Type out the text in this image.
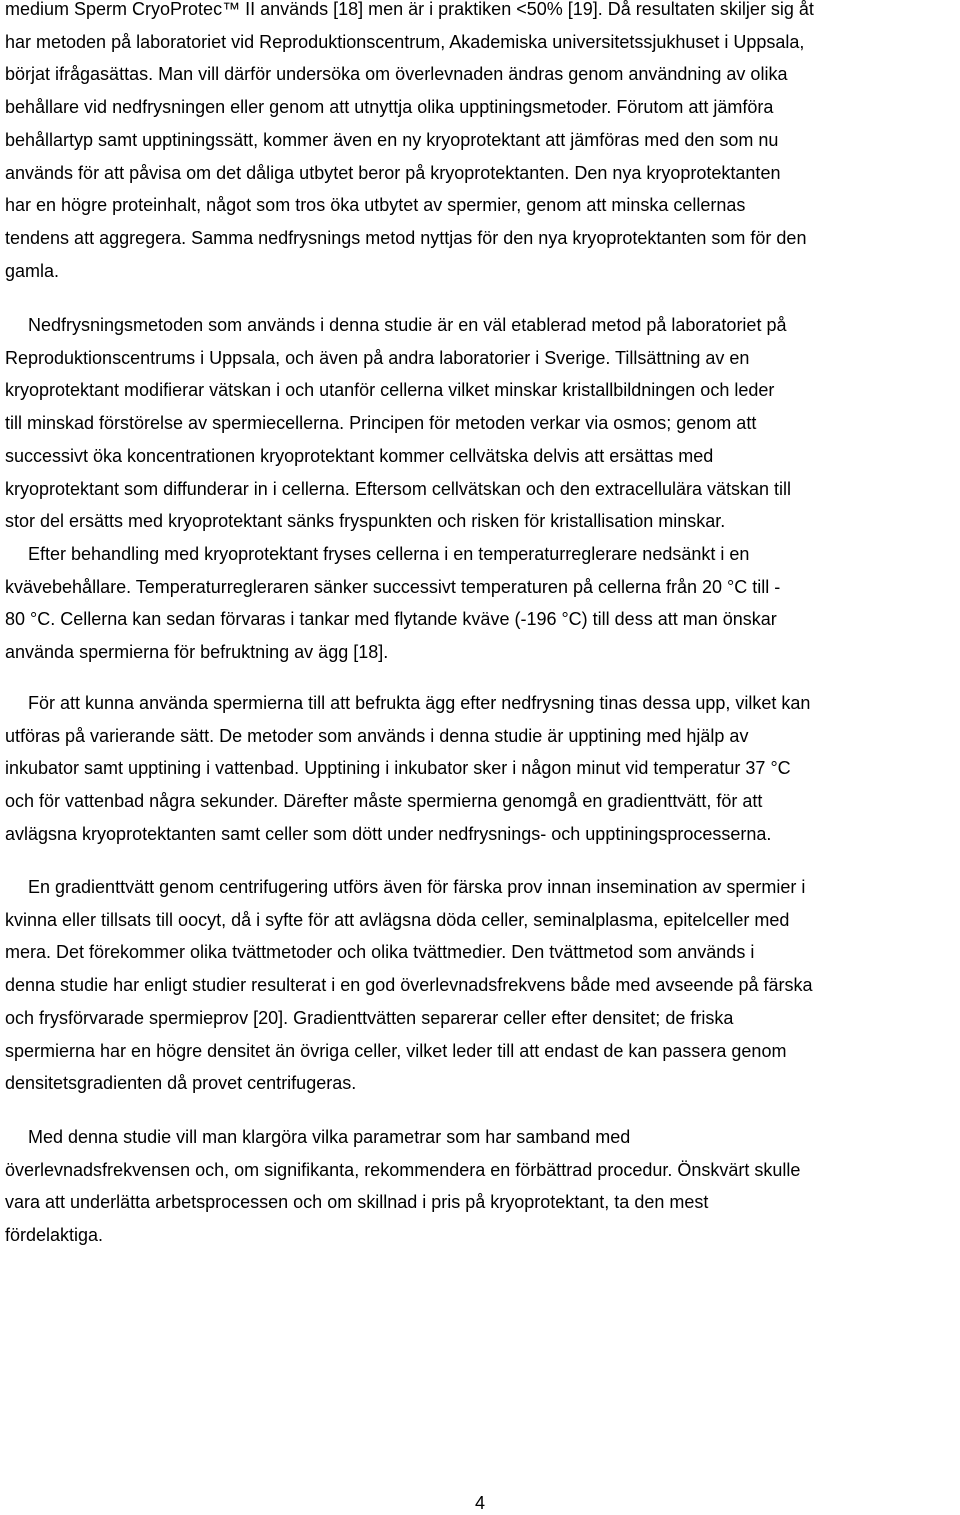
medium Sperm CryoProtec™ II används [18] men är i praktiken <50% [19]. Då resultaten skiljer sig åt
har metoden på laboratoriet vid Reproduktionscentrum, Akademiska universitetssjukhuset i Uppsala,
börjat ifrågasättas. Man vill därför undersöka om överlevnaden ändras genom användning av olika
behållare vid nedfrysningen eller genom att utnyttja olika upptiningsmetoder. Förutom att jämföra
behållartyp samt upptiningssätt, kommer även en ny kryoprotektant att jämföras med den som nu
används för att påvisa om det dåliga utbytet beror på kryoprotektanten. Den nya kryoprotektanten
har en högre proteinhalt, något som tros öka utbytet av spermier, genom att minska cellernas
tendens att aggregera. Samma nedfrysnings metod nyttjas för den nya kryoprotektanten som för den
gamla.

Nedfrysningsmetoden som används i denna studie är en väl etablerad metod på laboratoriet på
Reproduktionscentrums i Uppsala, och även på andra laboratorier i Sverige. Tillsättning av en
kryoprotektant modifierar vätskan i och utanför cellerna vilket minskar kristallbildningen och leder
till minskad förstörelse av spermiecellerna. Principen för metoden verkar via osmos; genom att
successivt öka koncentrationen kryoprotektant kommer cellvätska delvis att ersättas med
kryoprotektant som diffunderar in i cellerna. Eftersom cellvätskan och den extracellulära vätskan till
stor del ersätts med kryoprotektant sänks fryspunkten och risken för kristallisation minskar.

Efter behandling med kryoprotektant fryses cellerna i en temperaturreglerare nedsänkt i en
kvävebehållare. Temperaturregleraren sänker successivt temperaturen på cellerna från 20 °C till -
80 °C. Cellerna kan sedan förvaras i tankar med flytande kväve (-196 °C) till dess att man önskar
använda spermierna för befruktning av ägg [18].

För att kunna använda spermierna till att befrukta ägg efter nedfrysning tinas dessa upp, vilket kan
utföras på varierande sätt. De metoder som används i denna studie är upptining med hjälp av
inkubator samt upptining i vattenbad. Upptining i inkubator sker i någon minut vid temperatur 37 °C
och för vattenbad några sekunder. Därefter måste spermierna genomgå en gradienttvätt, för att
avlägsna kryoprotektanten samt celler som dött under nedfrysnings- och upptiningsprocesserna.

En gradienttvätt genom centrifugering utförs även för färska prov innan insemination av spermier i
kvinna eller tillsats till oocyt, då i syfte för att avlägsna döda celler, seminalplasma, epitelceller med
mera. Det förekommer olika tvättmetoder och olika tvättmedier. Den tvättmetod som används i
denna studie har enligt studier resulterat i en god överlevnadsfrekvens både med avseende på färska
och frysförvarade spermieprov [20]. Gradienttvätten separerar celler efter densitet; de friska
spermierna har en högre densitet än övriga celler, vilket leder till att endast de kan passera genom
densitetsgradienten då provet centrifugeras.

Med denna studie vill man klargöra vilka parametrar som har samband med
överlevnadsfrekvensen och, om signifikanta, rekommendera en förbättrad procedur. Önskvärt skulle
vara att underlätta arbetsprocessen och om skillnad i pris på kryoprotektant, ta den mest
fördelaktiga.

4
